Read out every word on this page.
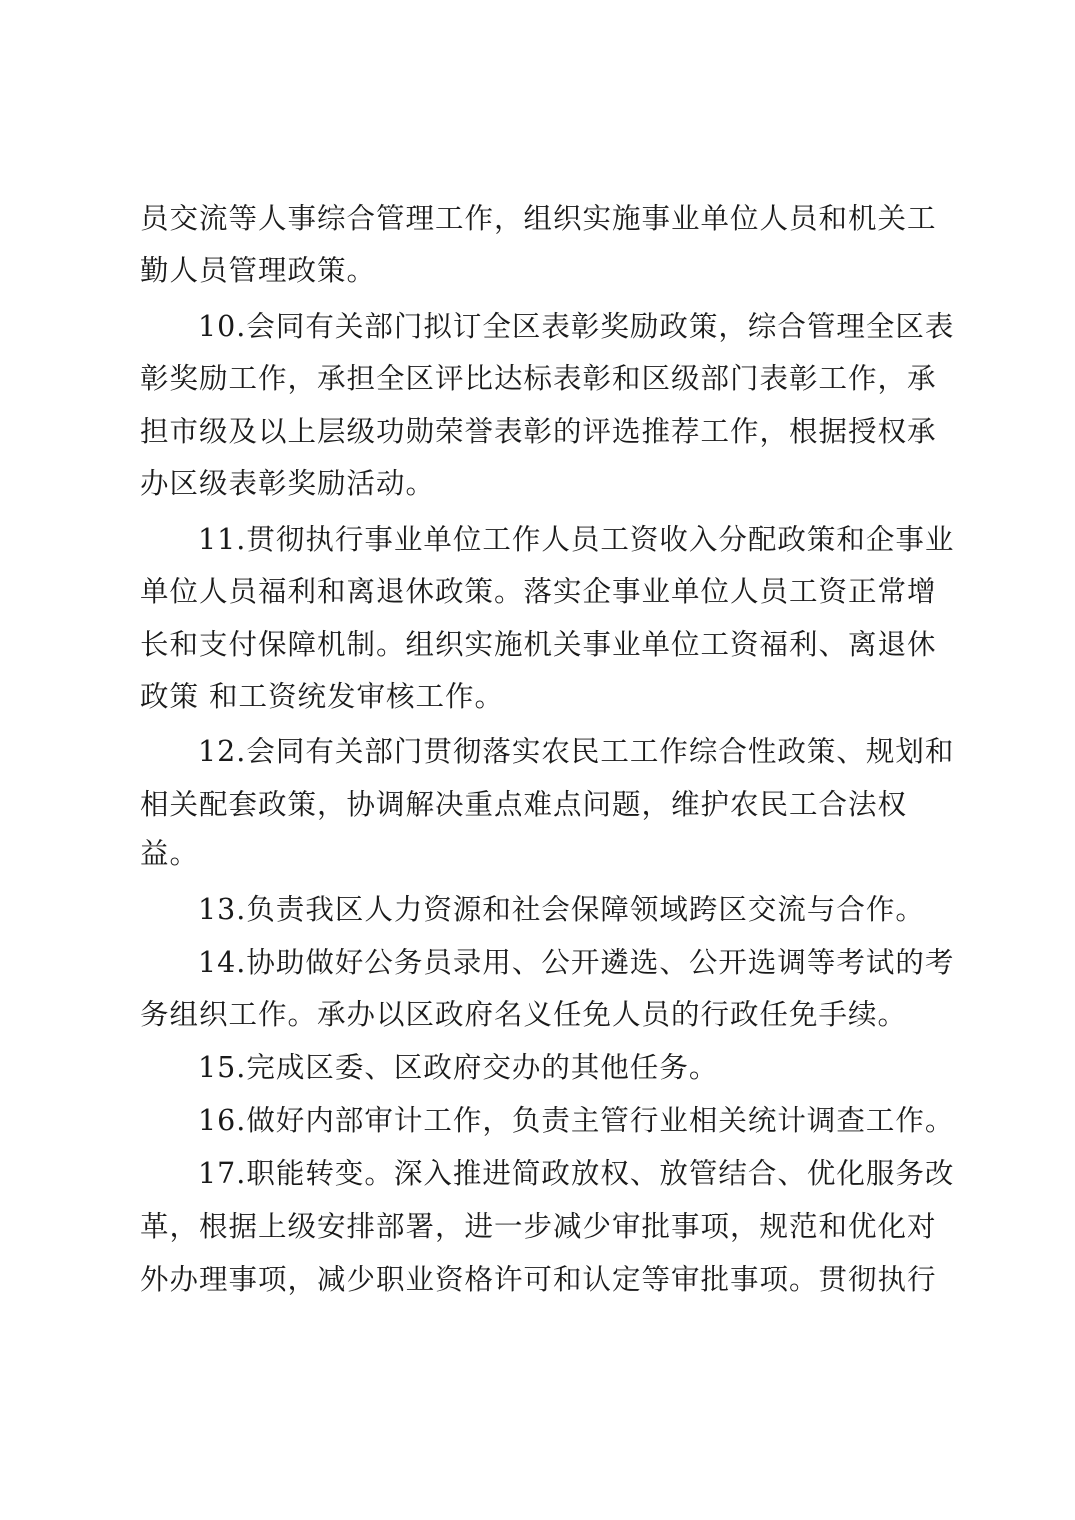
员交流等人事综合管理工作，组织实施事业单位人员和机关工
勤人员管理政策。
10.会同有关部门拟订全区表彰奖励政策，综合管理全区表
彰奖励工作，承担全区评比达标表彰和区级部门表彰工作，承
担市级及以上层级功勋荣誉表彰的评选推荐工作，根据授权承
办区级表彰奖励活动。
11.贯彻执行事业单位工作人员工资收入分配政策和企事业
单位人员福利和离退休政策。落实企事业单位人员工资正常增
长和支付保障机制。组织实施机关事业单位工资福利、离退休
政策 和工资统发审核工作。
12.会同有关部门贯彻落实农民工工作综合性政策、规划和
相关配套政策，协调解决重点难点问题，维护农民工合法权
益。
13.负责我区人力资源和社会保障领域跨区交流与合作。
14.协助做好公务员录用、公开遴选、公开选调等考试的考
务组织工作。承办以区政府名义任免人员的行政任免手续。
15.完成区委、区政府交办的其他任务。
16.做好内部审计工作，负责主管行业相关统计调查工作。
17.职能转变。深入推进简政放权、放管结合、优化服务改
革，根据上级安排部署，进一步减少审批事项，规范和优化对
外办理事项，减少职业资格许可和认定等审批事项。贯彻执行
